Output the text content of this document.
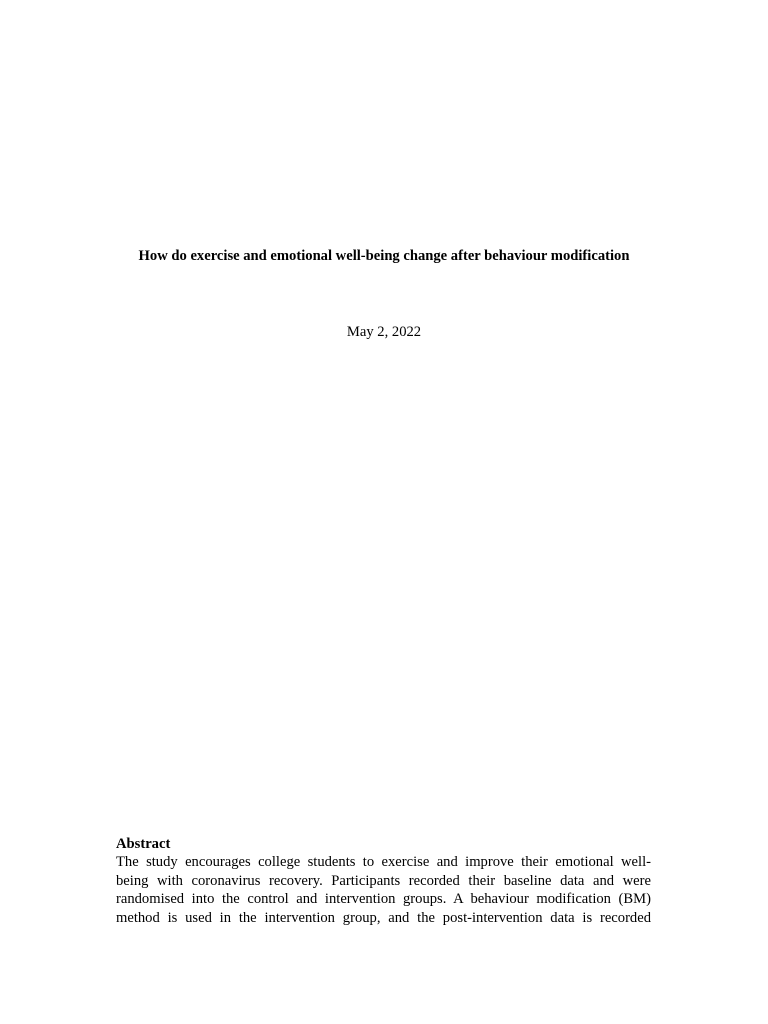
How do exercise and emotional well-being change after behaviour modification
May 2, 2022
Abstract
The study encourages college students to exercise and improve their emotional well-
being with coronavirus recovery. Participants recorded their baseline data and were
randomised into the control and intervention groups. A behaviour modification (BM)
method is used in the intervention group, and the post-intervention data is recorded
